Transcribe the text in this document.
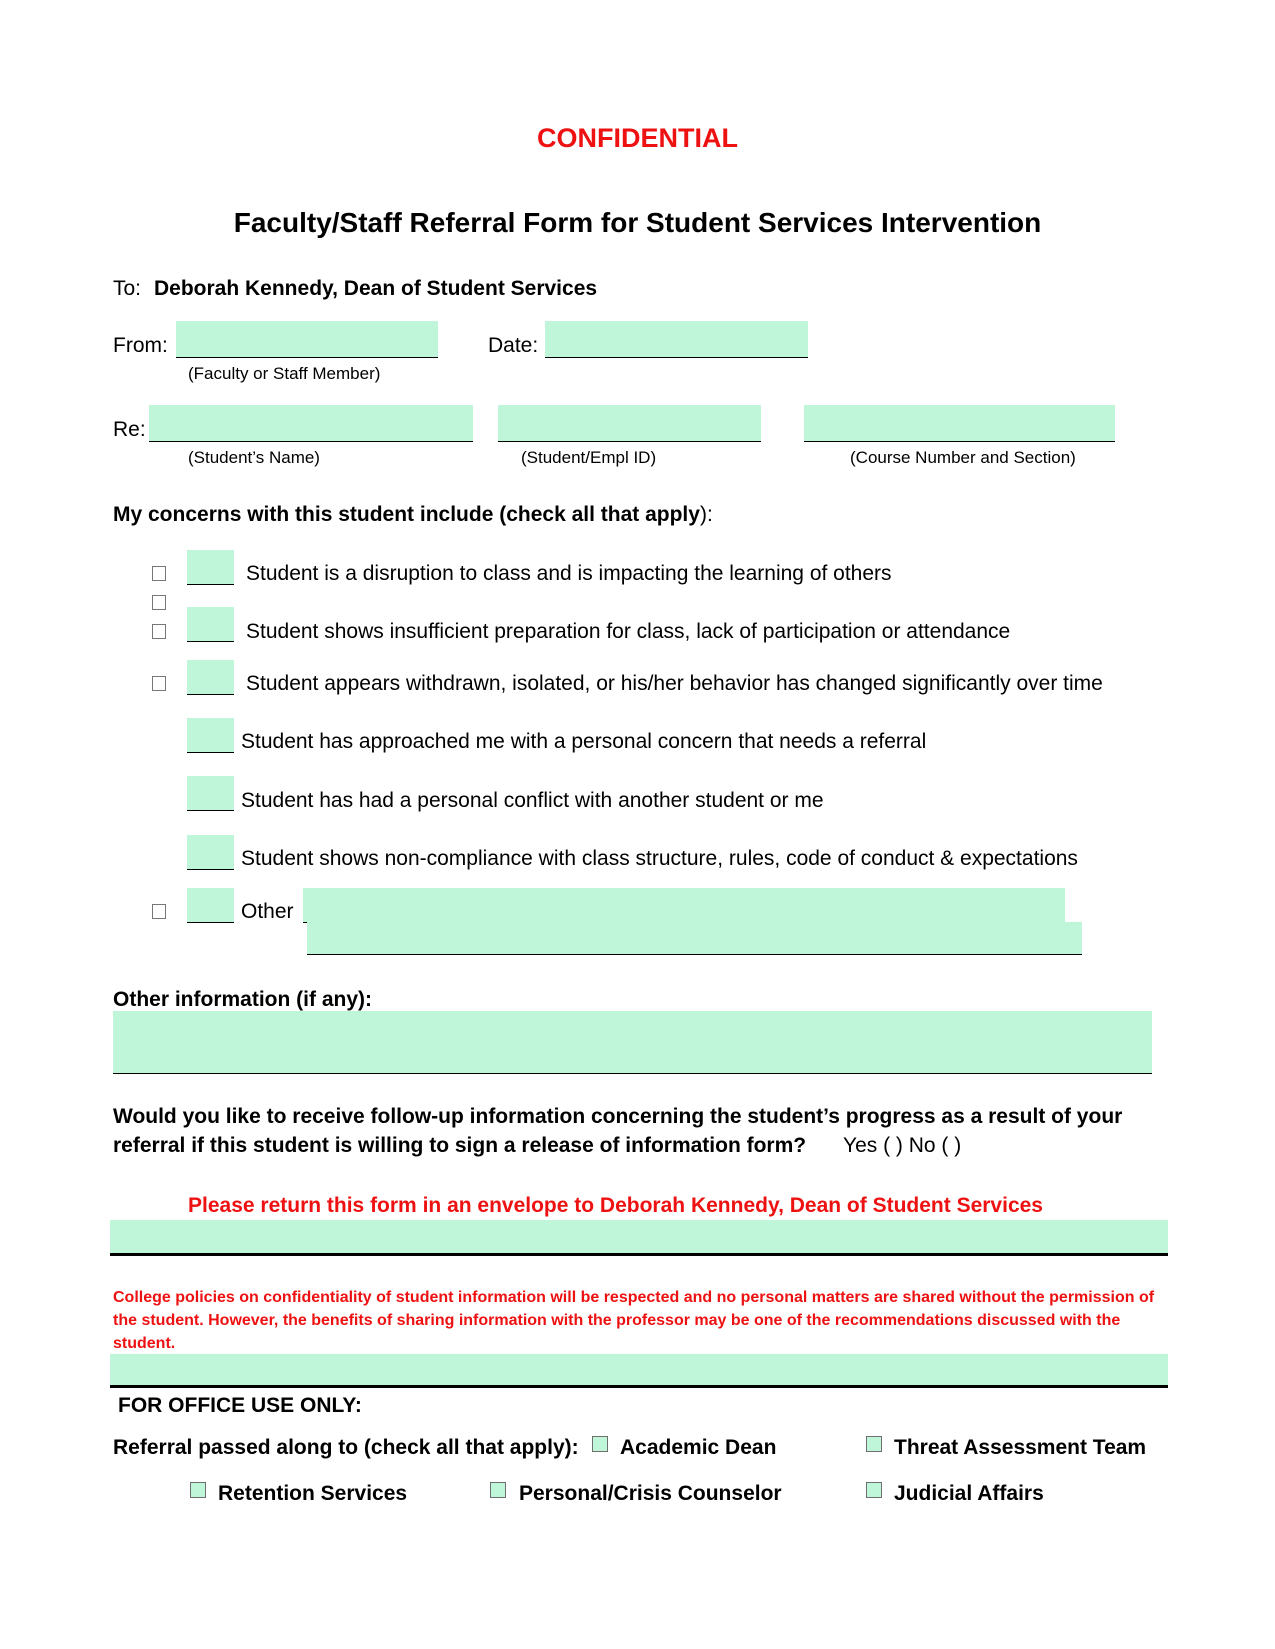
CONFIDENTIAL
Faculty/Staff Referral Form for Student Services Intervention
To: Deborah Kennedy, Dean of Student Services
From:
(Faculty or Staff Member)
Date:
Re:
(Student’s Name)	(Student/Empl ID)	(Course Number and Section)
My concerns with this student include (check all that apply):
Student is a disruption to class and is impacting the learning of others
Student shows insufficient preparation for class, lack of participation or attendance
Student appears withdrawn, isolated, or his/her behavior has changed significantly over time
Student has approached me with a personal concern that needs a referral
Student has had a personal conflict with another student or me
Student shows non-compliance with class structure, rules, code of conduct & expectations
Other
Other information (if any):
Would you like to receive follow-up information concerning the student’s progress as a result of your
referral if this student is willing to sign a release of information form? Yes ( ) No ( )
Please return this form in an envelope to Deborah Kennedy, Dean of Student Services
College policies on confidentiality of student information will be respected and no personal matters are shared without the permission of the student. However, the benefits of sharing information with the professor may be one of the recommendations discussed with the student.
FOR OFFICE USE ONLY:
Referral passed along to (check all that apply): Academic Dean	Threat Assessment Team
Retention Services	Personal/Crisis Counselor	Judicial Affairs
